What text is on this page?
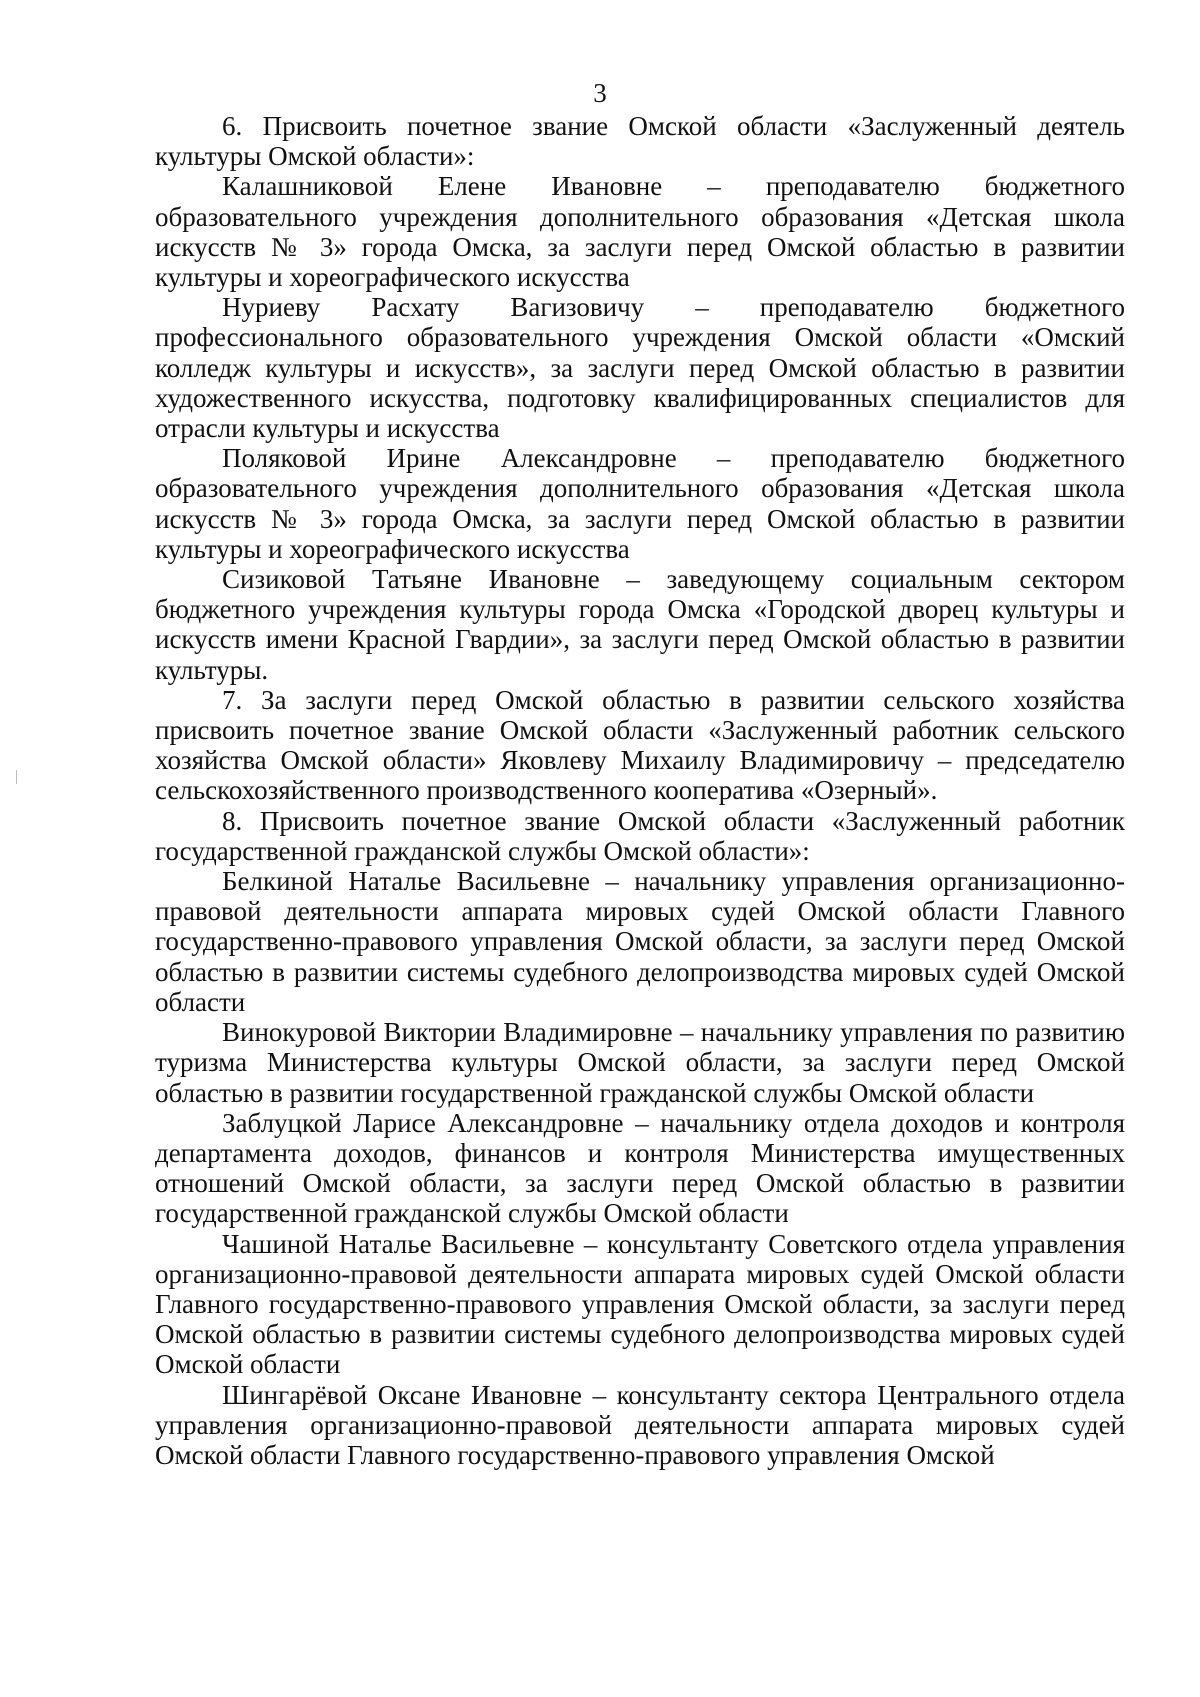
3

6. Присвоить почетное звание Омской области «Заслуженный деятель культуры Омской области»:

Калашниковой Елене Ивановне – преподавателю бюджетного образовательного учреждения дополнительного образования «Детская школа искусств № 3» города Омска, за заслуги перед Омской областью в развитии культуры и хореографического искусства

Нуриеву Расхату Вагизовичу – преподавателю бюджетного профессионального образовательного учреждения Омской области «Омский колледж культуры и искусств», за заслуги перед Омской областью в развитии художественного искусства, подготовку квалифицированных специалистов для отрасли культуры и искусства

Поляковой Ирине Александровне – преподавателю бюджетного образовательного учреждения дополнительного образования «Детская школа искусств № 3» города Омска, за заслуги перед Омской областью в развитии культуры и хореографического искусства

Сизиковой Татьяне Ивановне – заведующему социальным сектором бюджетного учреждения культуры города Омска «Городской дворец культуры и искусств имени Красной Гвардии», за заслуги перед Омской областью в развитии культуры.

7. За заслуги перед Омской областью в развитии сельского хозяйства присвоить почетное звание Омской области «Заслуженный работник сельского хозяйства Омской области» Яковлеву Михаилу Владимировичу – председателю сельскохозяйственного производственного кооператива «Озерный».

8. Присвоить почетное звание Омской области «Заслуженный работник государственной гражданской службы Омской области»:

Белкиной Наталье Васильевне – начальнику управления организационно-правовой деятельности аппарата мировых судей Омской области Главного государственно-правового управления Омской области, за заслуги перед Омской областью в развитии системы судебного делопроизводства мировых судей Омской области

Винокуровой Виктории Владимировне – начальнику управления по развитию туризма Министерства культуры Омской области, за заслуги перед Омской областью в развитии государственной гражданской службы Омской области

Заблуцкой Ларисе Александровне – начальнику отдела доходов и контроля департамента доходов, финансов и контроля Министерства имущественных отношений Омской области, за заслуги перед Омской областью в развитии государственной гражданской службы Омской области

Чашиной Наталье Васильевне – консультанту Советского отдела управления организационно-правовой деятельности аппарата мировых судей Омской области Главного государственно-правового управления Омской области, за заслуги перед Омской областью в развитии системы судебного делопроизводства мировых судей Омской области

Шингарёвой Оксане Ивановне – консультанту сектора Центрального отдела управления организационно-правовой деятельности аппарата мировых судей Омской области Главного государственно-правового управления Омской
